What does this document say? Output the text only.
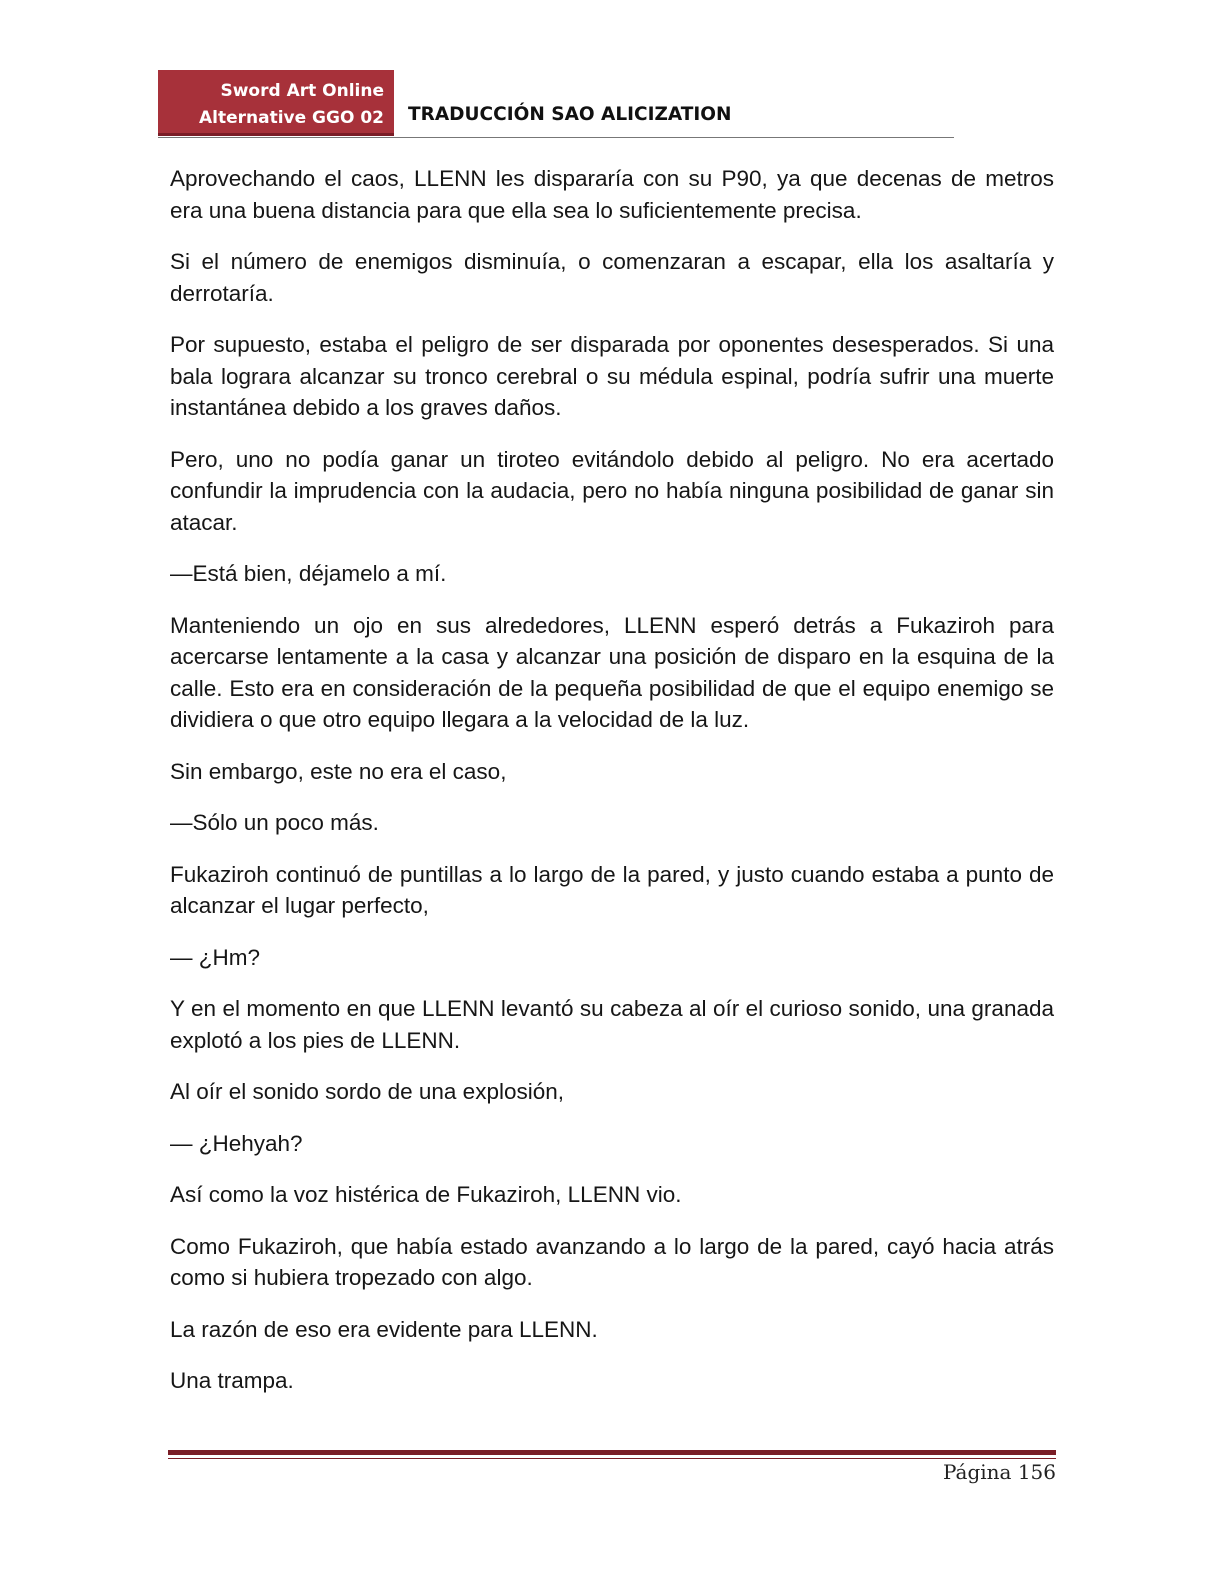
Sword Art Online
Alternative GGO 02 TRADUCCIÓN SAO ALICIZATION

Aprovechando el caos, LLENN les dispararía con su P90, ya que decenas de metros era una buena distancia para que ella sea lo suficientemente precisa.

Si el número de enemigos disminuía, o comenzaran a escapar, ella los asaltaría y derrotaría.

Por supuesto, estaba el peligro de ser disparada por oponentes desesperados. Si una bala lograra alcanzar su tronco cerebral o su médula espinal, podría sufrir una muerte instantánea debido a los graves daños.

Pero, uno no podía ganar un tiroteo evitándolo debido al peligro. No era acertado confundir la imprudencia con la audacia, pero no había ninguna posibilidad de ganar sin atacar.

—Está bien, déjamelo a mí.

Manteniendo un ojo en sus alrededores, LLENN esperó detrás a Fukaziroh para acercarse lentamente a la casa y alcanzar una posición de disparo en la esquina de la calle. Esto era en consideración de la pequeña posibilidad de que el equipo enemigo se dividiera o que otro equipo llegara a la velocidad de la luz.

Sin embargo, este no era el caso,

—Sólo un poco más.

Fukaziroh continuó de puntillas a lo largo de la pared, y justo cuando estaba a punto de alcanzar el lugar perfecto,

— ¿Hm?

Y en el momento en que LLENN levantó su cabeza al oír el curioso sonido, una granada explotó a los pies de LLENN.

Al oír el sonido sordo de una explosión,

— ¿Hehyah?

Así como la voz histérica de Fukaziroh, LLENN vio.

Como Fukaziroh, que había estado avanzando a lo largo de la pared, cayó hacia atrás como si hubiera tropezado con algo.

La razón de eso era evidente para LLENN.

Una trampa.

Página 156
